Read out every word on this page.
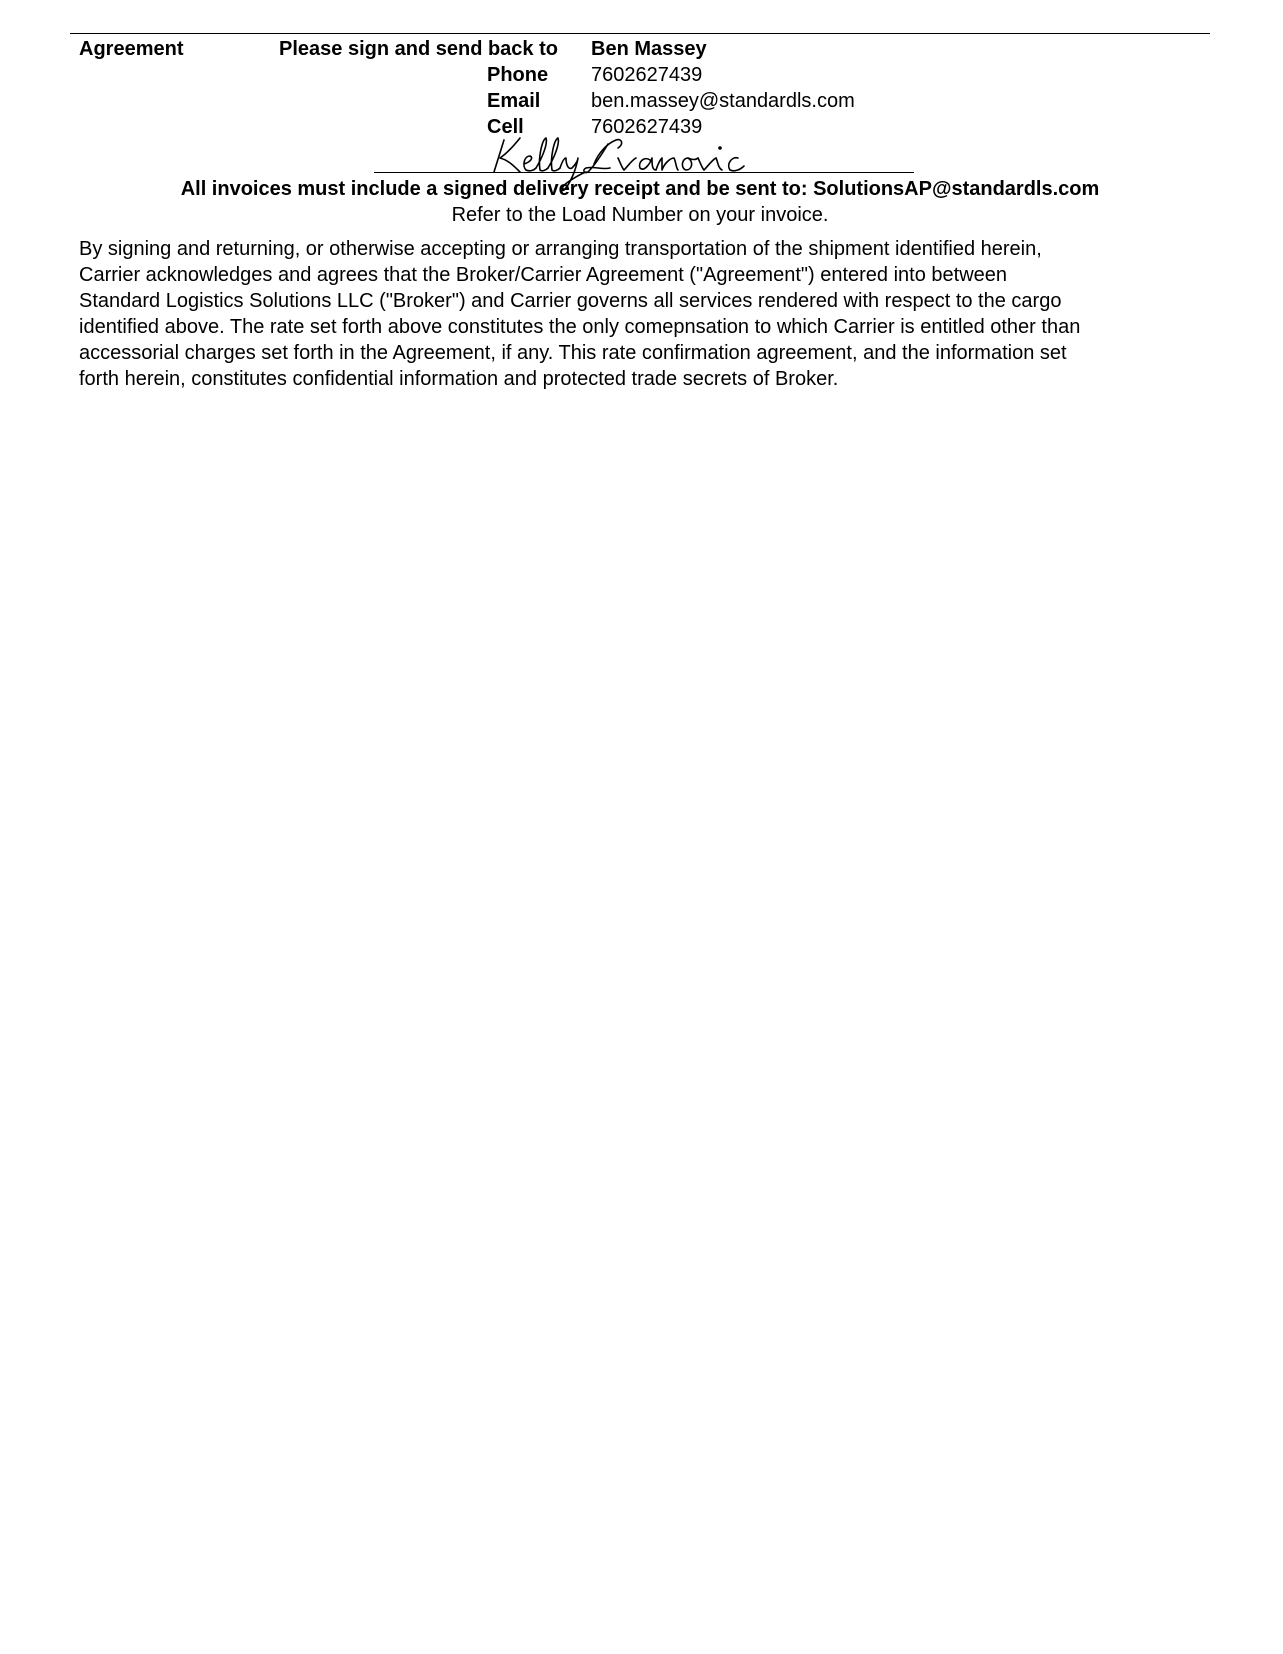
Agreement	Please sign and send back to Ben Massey
Phone 7602627439
Email	ben.massey@standardls.com
Cell	7602627439
All invoices must include a signed delivery receipt and be sent to: SolutionsAP@standardls.com
Refer to the Load Number on your invoice.
By signing and returning, or otherwise accepting or arranging transportation of the shipment identified herein,
Carrier acknowledges and agrees that the Broker/Carrier Agreement ("Agreement") entered into between
Standard Logistics Solutions LLC ("Broker") and Carrier governs all services rendered with respect to the cargo
identified above. The rate set forth above constitutes the only comepnsation to which Carrier is entitled other than
accessorial charges set forth in the Agreement, if any. This rate confirmation agreement, and the information set
forth herein, constitutes confidential information and protected trade secrets of Broker.
